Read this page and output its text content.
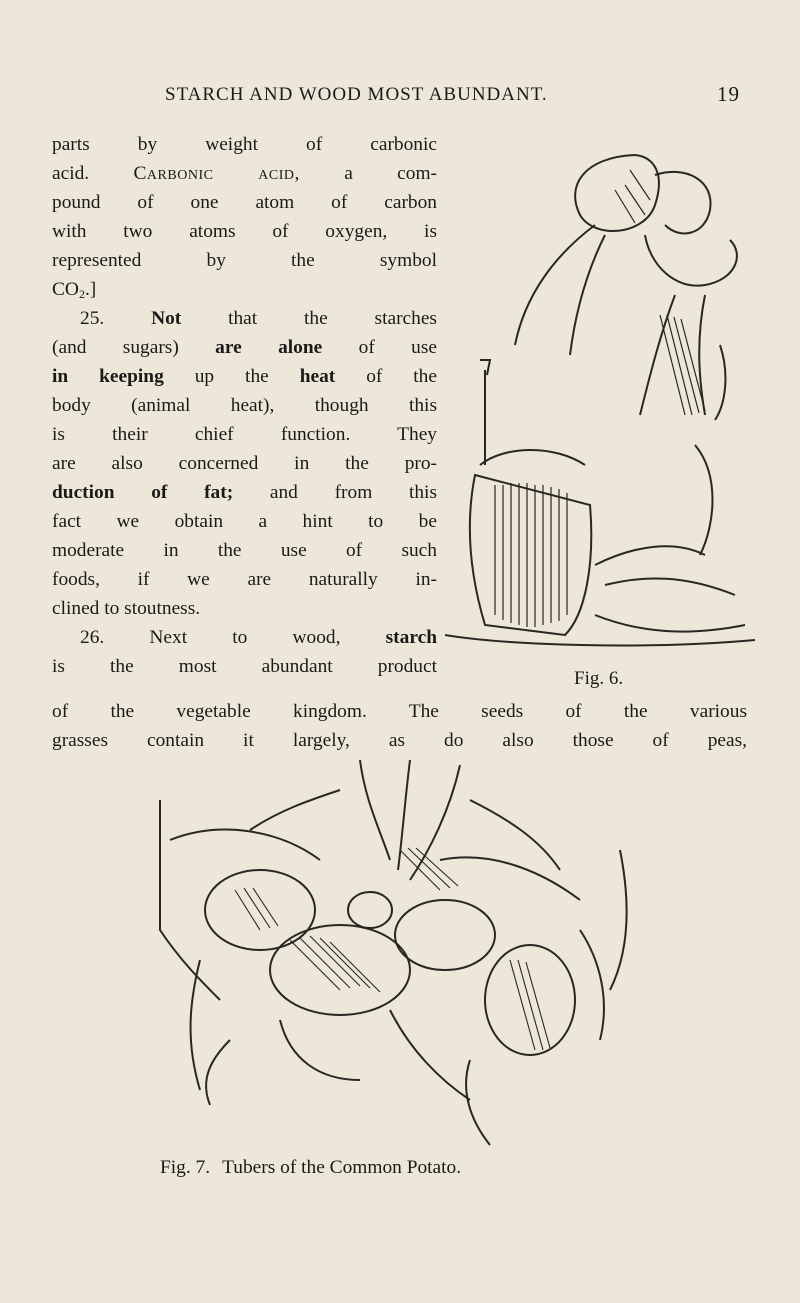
STARCH AND WOOD MOST ABUNDANT.	19
parts by weight of carbonic
acid. Carbonic acid, a com-
pound of one atom of carbon
with two atoms of oxygen, is
represented by the symbol
$CO_2$.]
25. Not that the starches
(and sugars) are alone of use
in keeping up the heat of the
body (animal heat), though this
is their chief function. They
are also concerned in the pro-
duction of fat; and from this
fact we obtain a hint to be
moderate in the use of such
foods, if we are naturally in-
clined to stoutness.
26. Next to wood, starch
is the most abundant product
of the vegetable kingdom. The seeds of the various
grasses contain it largely, as do also those of peas,
Fig. 6.
Fig. 7. Tubers of the Common Potato.
